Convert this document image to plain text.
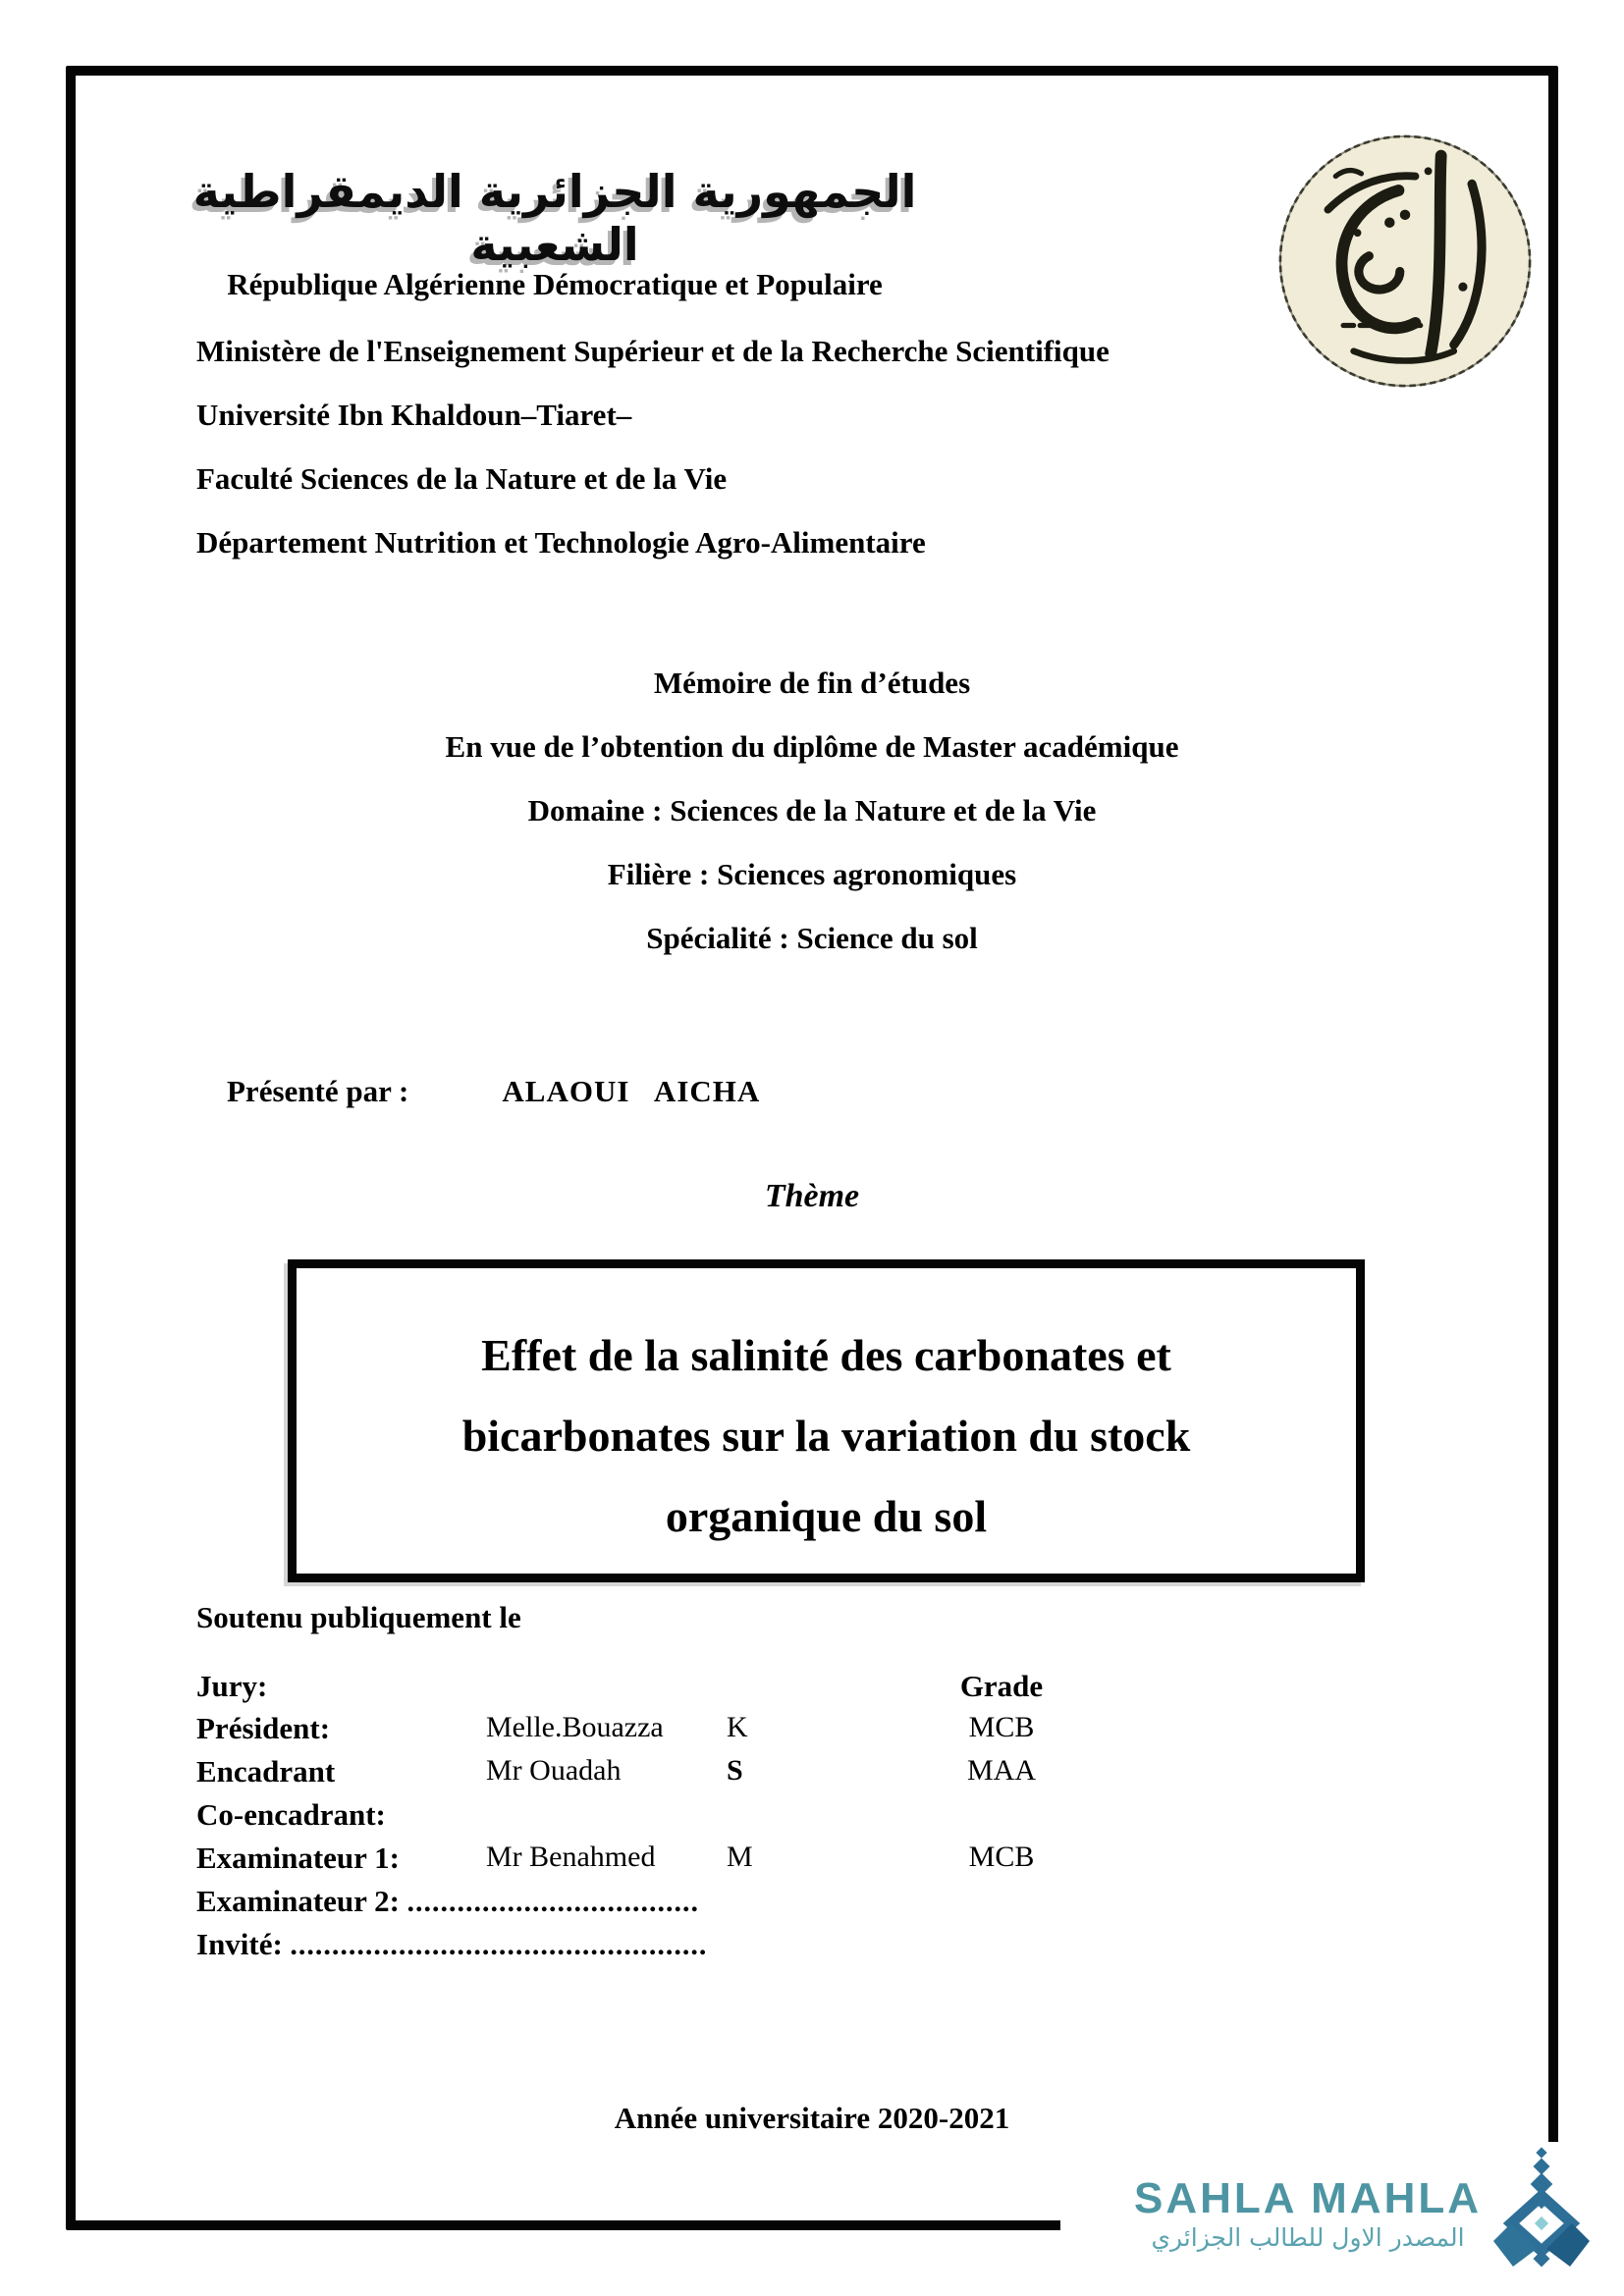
الجمهورية الجزائرية الديمقراطية الشعبية
République Algérienne Démocratique et Populaire
Ministère de l'Enseignement Supérieur et de la Recherche Scientifique
Université Ibn Khaldoun–Tiaret–
Faculté Sciences de la Nature et de la Vie
Département Nutrition et Technologie Agro-Alimentaire
Mémoire de fin d’études
En vue de l’obtention du diplôme de Master académique
Domaine : Sciences de la Nature et de la Vie
Filière : Sciences agronomiques
Spécialité : Science du sol

Présenté par :	ALAOUI   AICHA

Thème
Effet de la salinité des carbonates et
bicarbonates sur la variation du stock
organique du sol
Soutenu publiquement le
Jury:	Grade
Président:	Melle.Bouazza K	MCB
Encadrant	Mr Ouadah	S	MAA
Co-encadrant:
Examinateur 1:	Mr Benahmed M	MCB
Examinateur 2: ...................................
Invité: ..................................................
Année universitaire 2020-2021
SAHLA MAHLA
المصدر الاول للطالب الجزائري
